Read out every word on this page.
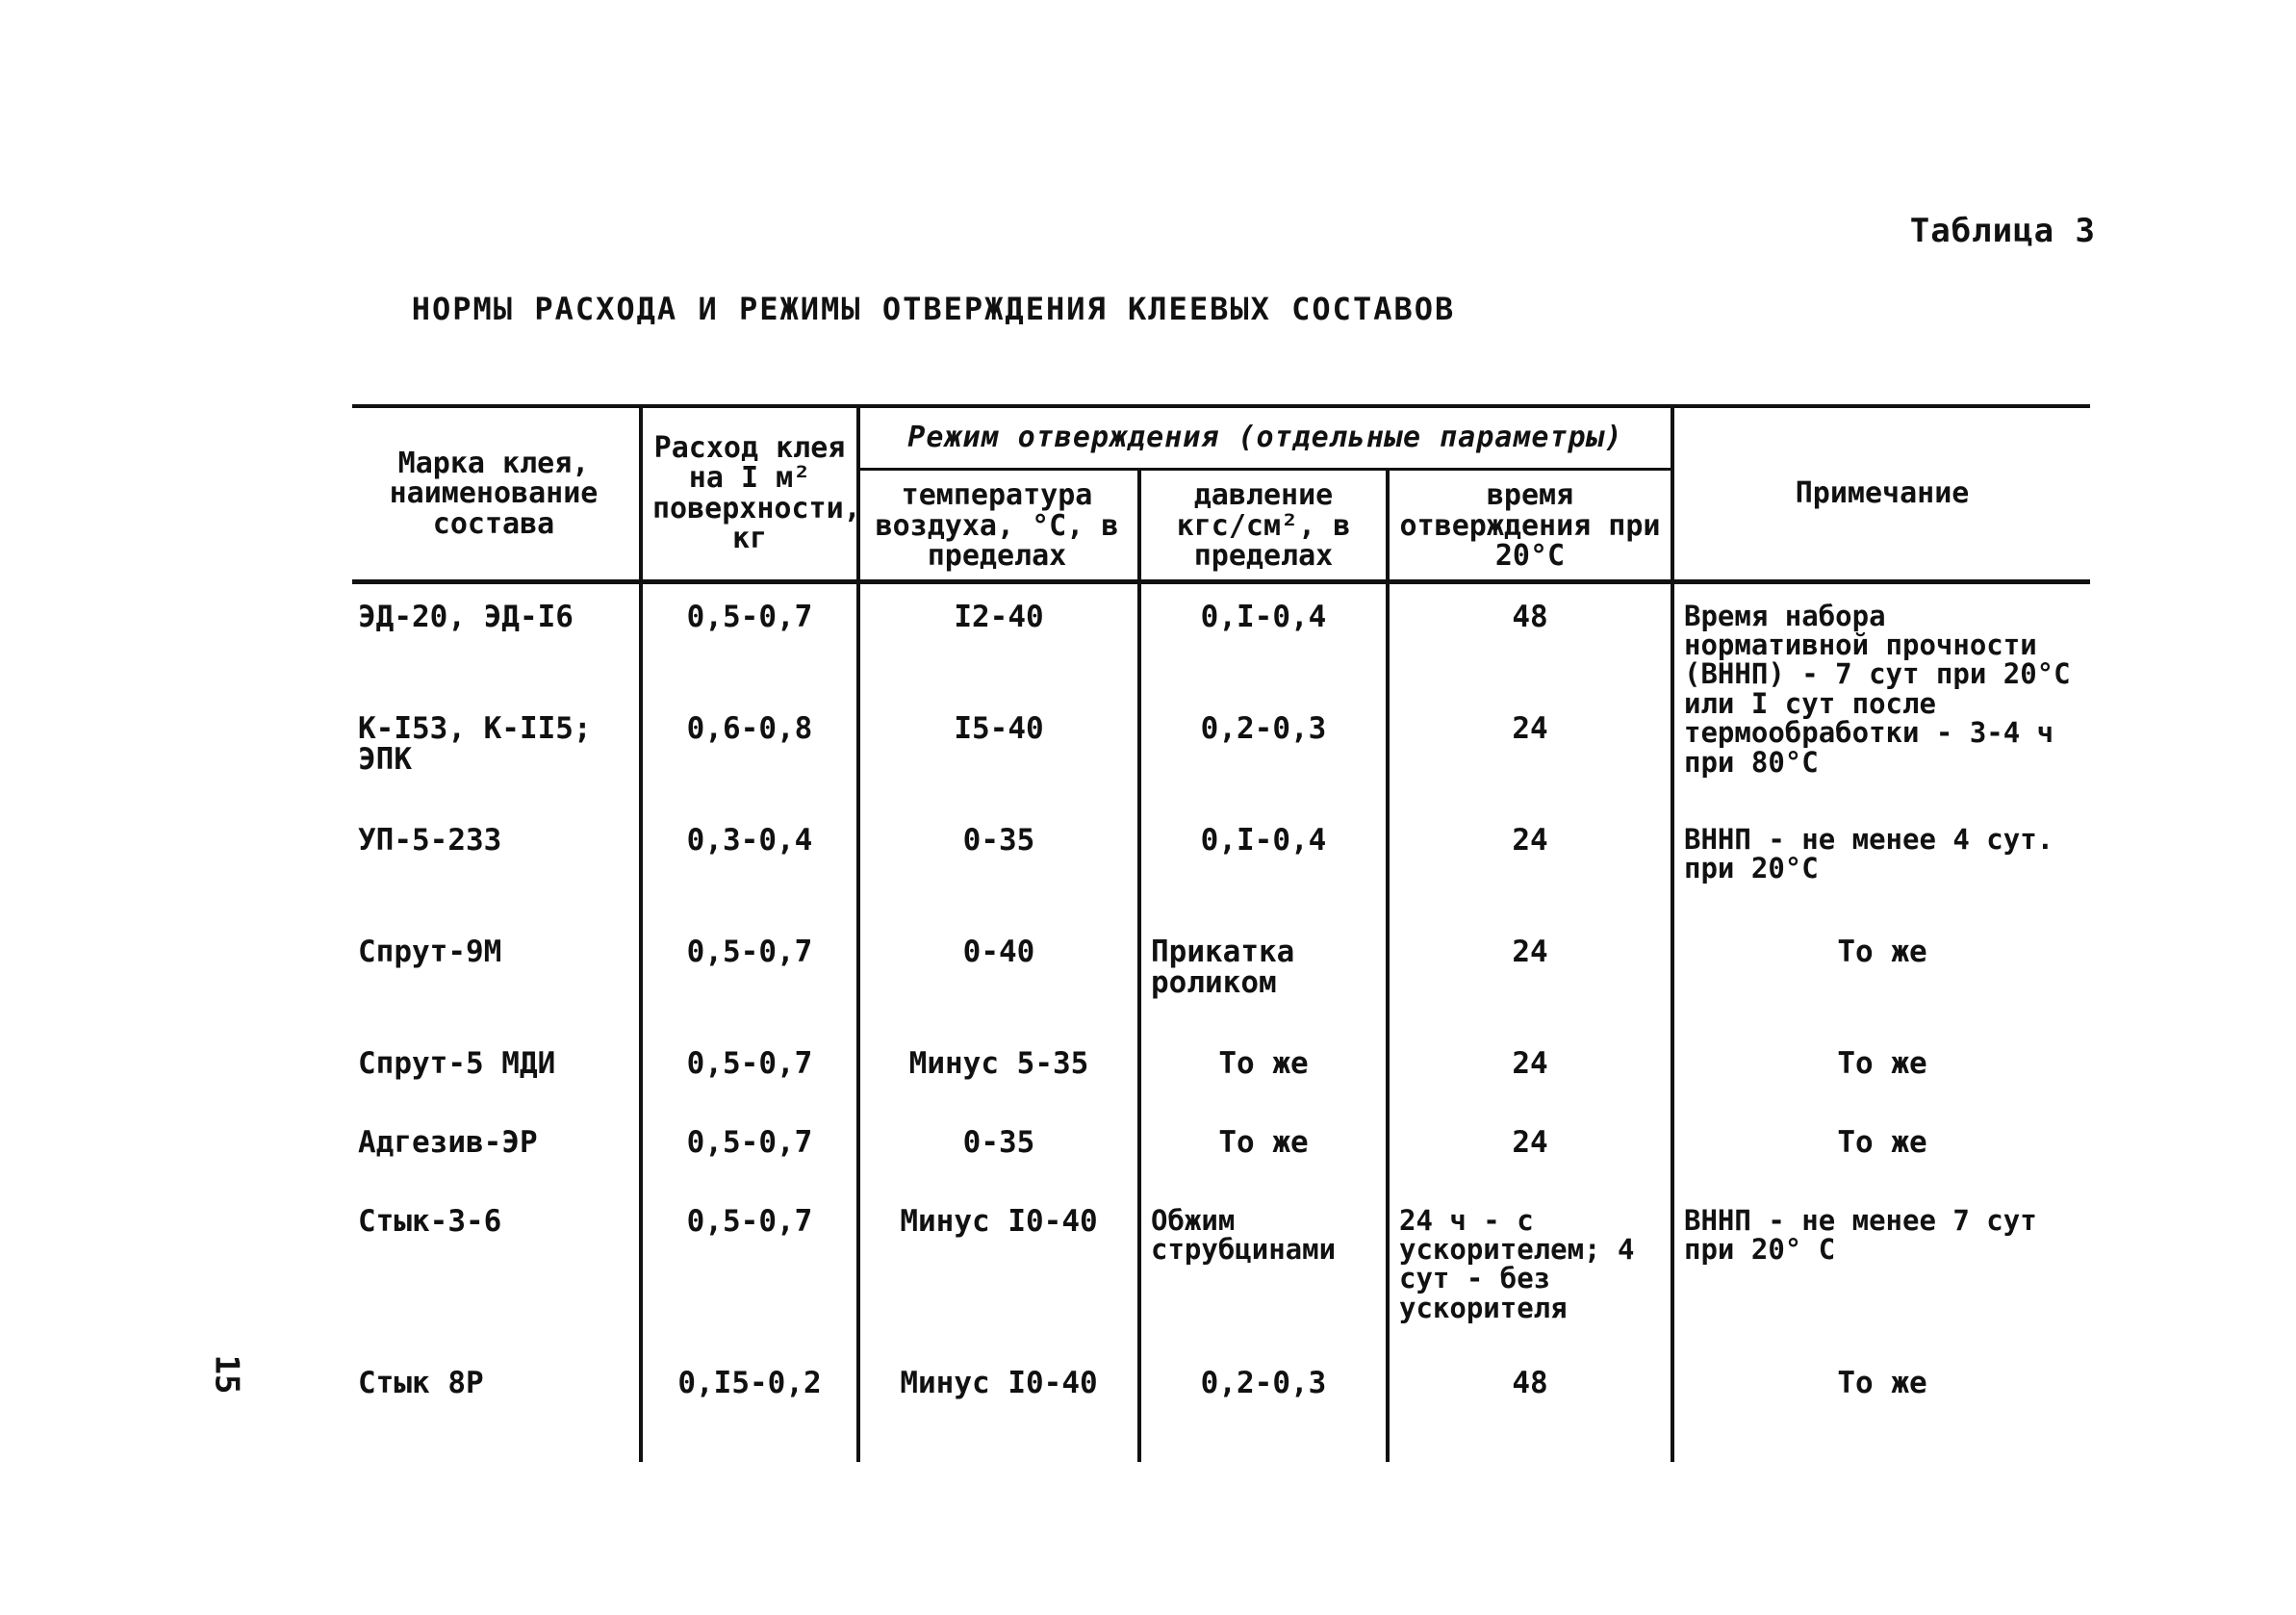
Таблица 3
НОРМЫ РАСХОДА И РЕЖИМЫ ОТВЕРЖДЕНИЯ КЛЕЕВЫХ СОСТАВОВ
Марка клея, наименование состава	Расход клея на I м² поверхности, кг	Режим отверждения (отдельные параметры)			Примечание
		температура воздуха, °С, в пределах	давление кгс/см², в пределах	время отверждения при 20°С	
ЭД-20, ЭД-I6	0,5-0,7	I2-40	0,I-0,4	48	Время набора нормативной прочности (ВННП) - 7 сут при 20°С или I сут после термообработки - 3-4 ч при 80°С
К-I53, К-II5; ЭПК	0,6-0,8	I5-40	0,2-0,3	24	
УП-5-233	0,3-0,4	0-35	0,I-0,4	24	ВННП - не менее 4 сут. при 20°С
Спрут-9М	0,5-0,7	0-40	Прикатка роликом	24	То же
Спрут-5 МДИ	0,5-0,7	Минус 5-35	То же	24	То же
Адгезив-ЭР	0,5-0,7	0-35	То же	24	То же
Стык-3-6	0,5-0,7	Минус I0-40	Обжим струбцинами	24 ч - с ускорителем; 4 сут - без ускорителя	ВННП - не менее 7 сут при 20° С
Стык 8Р	0,I5-0,2	Минус I0-40	0,2-0,3	48	То же
15
